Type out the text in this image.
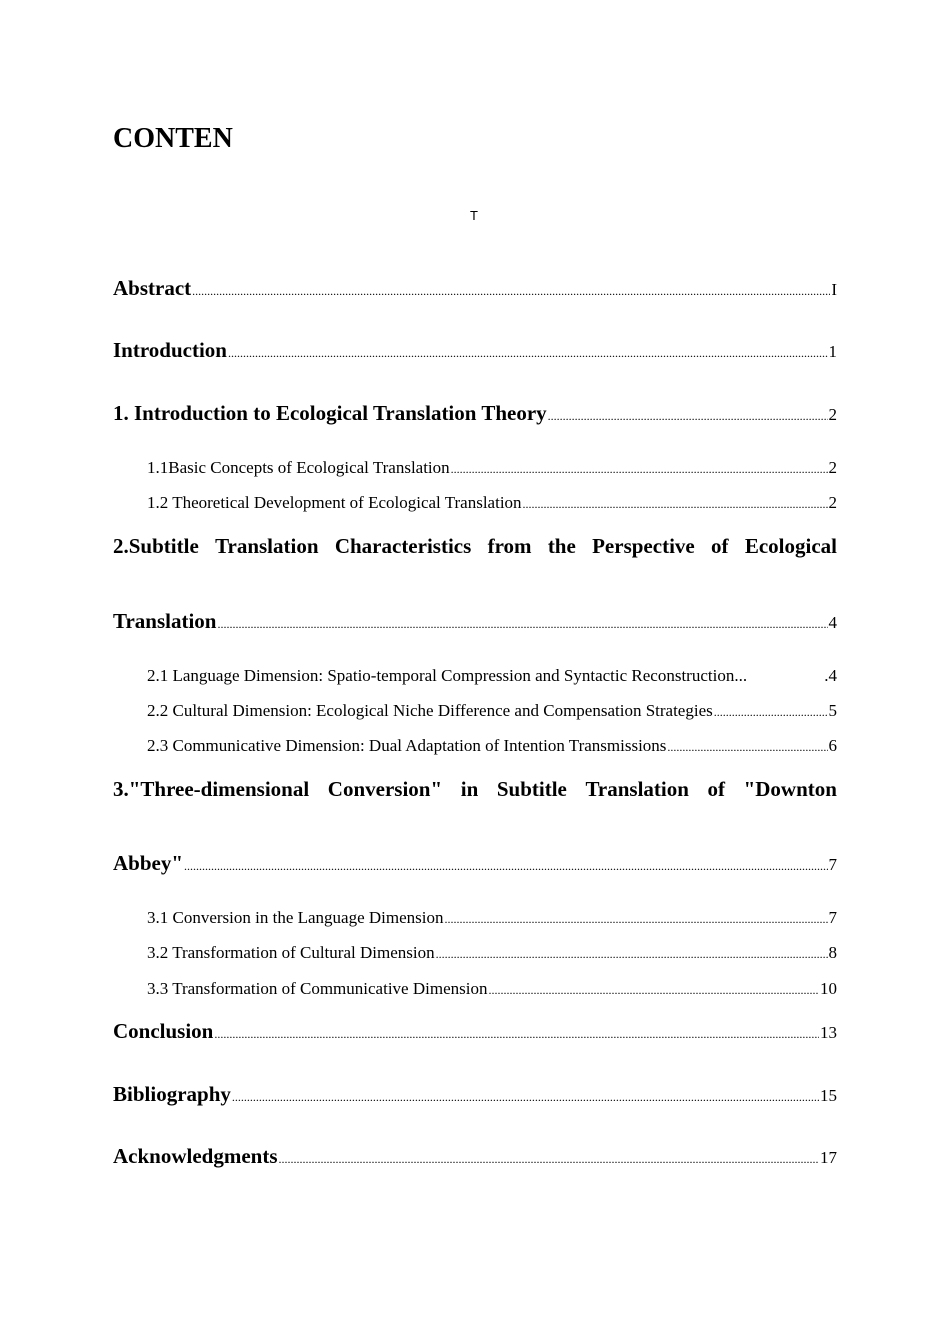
CONTEN
T
Abstract .....	I
Introduction .....	1
1. Introduction to Ecological Translation Theory .....	2
1.1Basic Concepts of Ecological Translation .....	2
1.2 Theoretical Development of Ecological Translation .....	2
2.Subtitle Translation Characteristics from the Perspective of Ecological
Translation .....	4
2.1 Language Dimension: Spatio-temporal Compression and Syntactic Reconstruction...	.4
2.2 Cultural Dimension: Ecological Niche Difference and Compensation Strategies .....	5
2.3 Communicative Dimension: Dual Adaptation of Intention Transmissions .....	6
3."Three-dimensional Conversion" in Subtitle Translation of "Downton
Abbey" .....	7
3.1 Conversion in the Language Dimension .....	7
3.2 Transformation of Cultural Dimension .....	8
3.3 Transformation of Communicative Dimension .....	10
Conclusion .....	13
Bibliography .....	15
Acknowledgments .....	17
